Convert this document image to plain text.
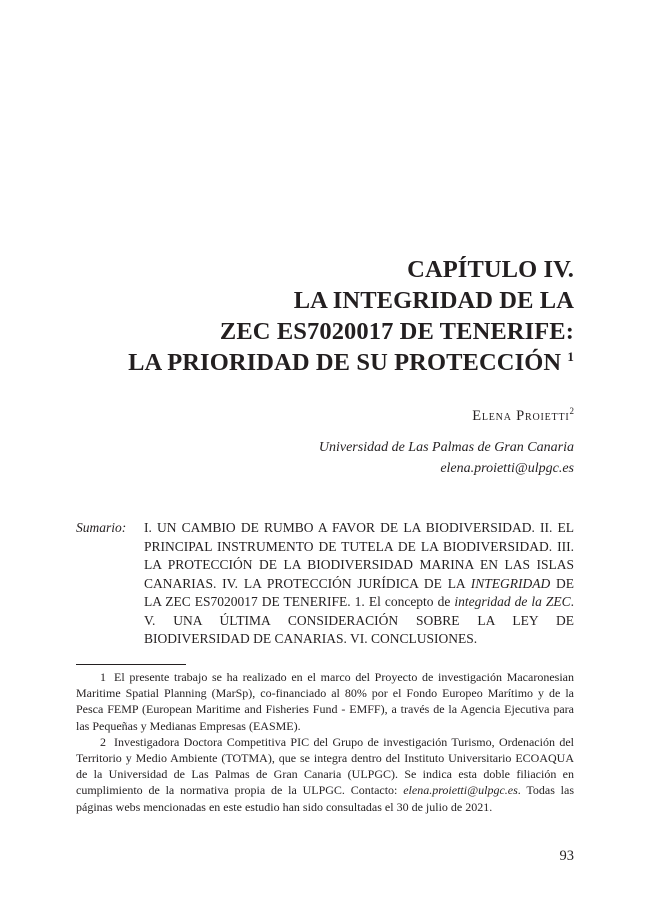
CAPÍTULO IV.
LA INTEGRIDAD DE LA
ZEC ES7020017 DE TENERIFE:
LA PRIORIDAD DE SU PROTECCIÓN $^1$
Elena Proietti$^2$
Universidad de Las Palmas de Gran Canaria
elena.proietti@ulpgc.es
Sumario: I. UN CAMBIO DE RUMBO A FAVOR DE LA BIODIVERSIDAD. II. EL PRINCIPAL INSTRUMENTO DE TUTELA DE LA BIODIVERSIDAD. III. LA PROTECCIÓN DE LA BIODIVERSIDAD MARINA EN LAS ISLAS CANARIAS. IV. LA PROTECCIÓN JURÍDICA DE LA INTEGRIDAD DE LA ZEC ES7020017 DE TENERIFE. 1. El concepto de integridad de la ZEC. V. UNA ÚLTIMA CONSIDERACIÓN SOBRE LA LEY DE BIODIVERSIDAD DE CANARIAS. VI. CONCLUSIONES.

1 El presente trabajo se ha realizado en el marco del Proyecto de investigación Macaronesian Maritime Spatial Planning (MarSp), co-financiado al 80% por el Fondo Europeo Marítimo y de la Pesca FEMP (European Maritime and Fisheries Fund - EMFF), a través de la Agencia Ejecutiva para las Pequeñas y Medianas Empresas (EASME).

2 Investigadora Doctora Competitiva PIC del Grupo de investigación Turismo, Ordenación del Territorio y Medio Ambiente (TOTMA), que se integra dentro del Instituto Universitario ECOAQUA de la Universidad de Las Palmas de Gran Canaria (ULPGC). Se indica esta doble filiación en cumplimiento de la normativa propia de la ULPGC. Contacto: elena.proietti@ulpgc.es. Todas las páginas webs mencionadas en este estudio han sido consultadas el 30 de julio de 2021.

93
